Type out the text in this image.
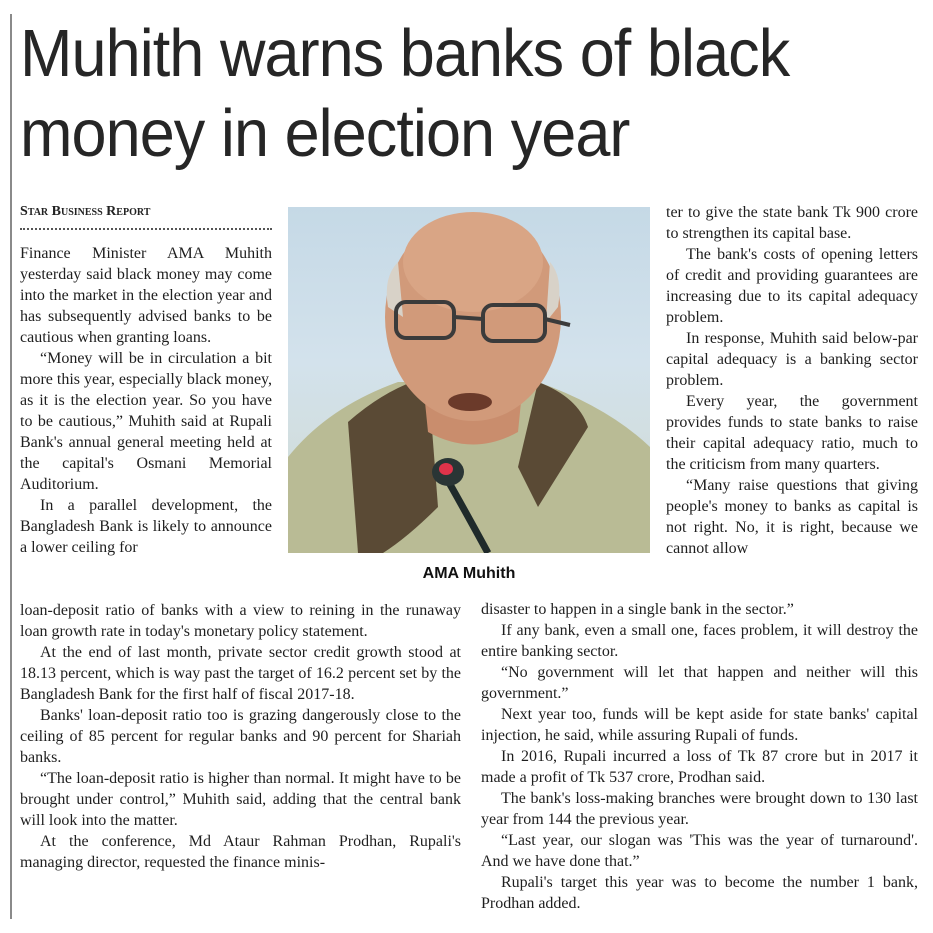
Muhith warns banks of black
money in election year
Star Business Report

Finance Minister AMA Muhith yesterday said black money may come into the market in the election year and has subsequently advised banks to be cautious when granting loans.

“Money will be in circulation a bit more this year, especially black money, as it is the election year. So you have to be cautious,” Muhith said at Rupali Bank's annual general meeting held at the capital's Osmani Memorial Auditorium.

In a parallel development, the Bangladesh Bank is likely to announce a lower ceiling for

AMA Muhith

loan-deposit ratio of banks with a view to reining in the runaway loan growth rate in today's monetary policy statement.

At the end of last month, private sector credit growth stood at 18.13 percent, which is way past the target of 16.2 percent set by the Bangladesh Bank for the first half of fiscal 2017-18.

Banks' loan-deposit ratio too is grazing dangerously close to the ceiling of 85 percent for regular banks and 90 percent for Shariah banks.

“The loan-deposit ratio is higher than normal. It might have to be brought under control,” Muhith said, adding that the central bank will look into the matter.

At the conference, Md Ataur Rahman Prodhan, Rupali's managing director, requested the finance minis-

ter to give the state bank Tk 900 crore to strengthen its capital base.

The bank's costs of opening letters of credit and providing guarantees are increasing due to its capital adequacy problem.

In response, Muhith said below-par capital adequacy is a banking sector problem.

Every year, the government provides funds to state banks to raise their capital adequacy ratio, much to the criticism from many quarters.

“Many raise questions that giving people's money to banks as capital is not right. No, it is right, because we cannot allow

disaster to happen in a single bank in the sector.”

If any bank, even a small one, faces problem, it will destroy the entire banking sector.

“No government will let that happen and neither will this government.”

Next year too, funds will be kept aside for state banks' capital injection, he said, while assuring Rupali of funds.

In 2016, Rupali incurred a loss of Tk 87 crore but in 2017 it made a profit of Tk 537 crore, Prodhan said.

The bank's loss-making branches were brought down to 130 last year from 144 the previous year.

“Last year, our slogan was 'This was the year of turnaround'. And we have done that.”

Rupali's target this year was to become the number 1 bank, Prodhan added.
